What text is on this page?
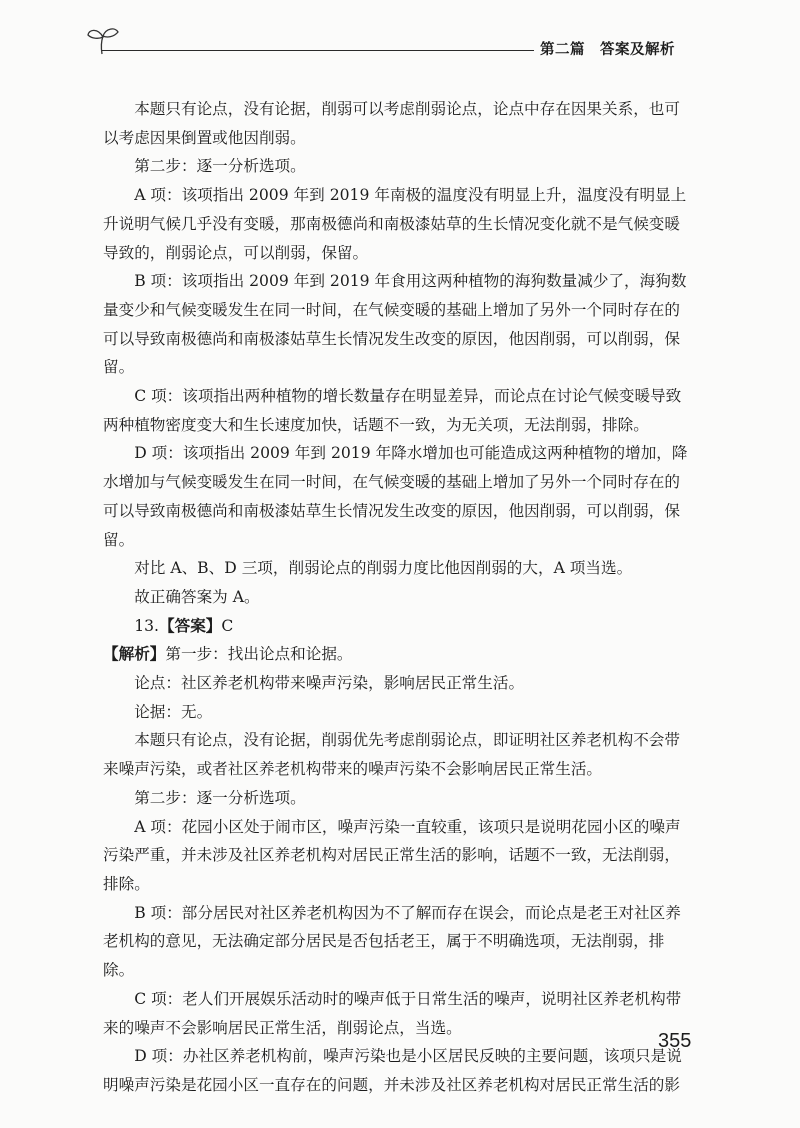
第二篇　答案及解析

本题只有论点，没有论据，削弱可以考虑削弱论点，论点中存在因果关系，也可以考虑因果倒置或他因削弱。

第二步：逐一分析选项。

A 项：该项指出 2009 年到 2019 年南极的温度没有明显上升，温度没有明显上升说明气候几乎没有变暖，那南极德尚和南极漆姑草的生长情况变化就不是气候变暖导致的，削弱论点，可以削弱，保留。

B 项：该项指出 2009 年到 2019 年食用这两种植物的海狗数量减少了，海狗数量变少和气候变暖发生在同一时间，在气候变暖的基础上增加了另外一个同时存在的可以导致南极德尚和南极漆姑草生长情况发生改变的原因，他因削弱，可以削弱，保留。

C 项：该项指出两种植物的增长数量存在明显差异，而论点在讨论气候变暖导致两种植物密度变大和生长速度加快，话题不一致，为无关项，无法削弱，排除。

D 项：该项指出 2009 年到 2019 年降水增加也可能造成这两种植物的增加，降水增加与气候变暖发生在同一时间，在气候变暖的基础上增加了另外一个同时存在的可以导致南极德尚和南极漆姑草生长情况发生改变的原因，他因削弱，可以削弱，保留。

对比 A、B、D 三项，削弱论点的削弱力度比他因削弱的大，A 项当选。

故正确答案为 A。

13.【答案】C

【解析】第一步：找出论点和论据。

论点：社区养老机构带来噪声污染，影响居民正常生活。

论据：无。

本题只有论点，没有论据，削弱优先考虑削弱论点，即证明社区养老机构不会带来噪声污染，或者社区养老机构带来的噪声污染不会影响居民正常生活。

第二步：逐一分析选项。

A 项：花园小区处于闹市区，噪声污染一直较重，该项只是说明花园小区的噪声污染严重，并未涉及社区养老机构对居民正常生活的影响，话题不一致，无法削弱，排除。

B 项：部分居民对社区养老机构因为不了解而存在误会，而论点是老王对社区养老机构的意见，无法确定部分居民是否包括老王，属于不明确选项，无法削弱，排除。

C 项：老人们开展娱乐活动时的噪声低于日常生活的噪声，说明社区养老机构带来的噪声不会影响居民正常生活，削弱论点，当选。

D 项：办社区养老机构前，噪声污染也是小区居民反映的主要问题，该项只是说明噪声污染是花园小区一直存在的问题，并未涉及社区养老机构对居民正常生活的影

355
